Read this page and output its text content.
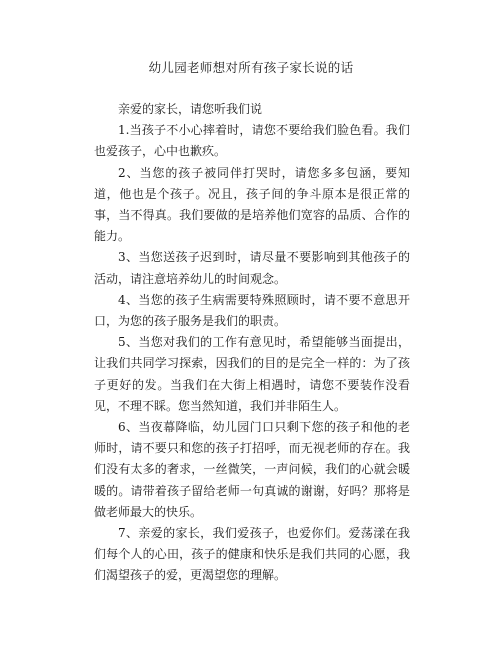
幼儿园老师想对所有孩子家长说的话

亲爱的家长，请您听我们说

1.当孩子不小心摔着时，请您不要给我们脸色看。我们也爱孩子，心中也歉疚。

2、当您的孩子被同伴打哭时，请您多多包涵，要知道，他也是个孩子。况且，孩子间的争斗原本是很正常的事，当不得真。我们要做的是培养他们宽容的品质、合作的能力。

3、当您送孩子迟到时，请尽量不要影响到其他孩子的活动，请注意培养幼儿的时间观念。

4、当您的孩子生病需要特殊照顾时，请不要不意思开口，为您的孩子服务是我们的职责。

5、当您对我们的工作有意见时，希望能够当面提出，让我们共同学习探索，因我们的目的是完全一样的：为了孩子更好的发。当我们在大街上相遇时，请您不要装作没看见，不理不睬。您当然知道，我们并非陌生人。

6、当夜幕降临，幼儿园门口只剩下您的孩子和他的老师时，请不要只和您的孩子打招呼，而无视老师的存在。我们没有太多的奢求，一丝微笑，一声问候，我们的心就会暖暖的。请带着孩子留给老师一句真诚的谢谢，好吗？那将是做老师最大的快乐。

7、亲爱的家长，我们爱孩子，也爱你们。爱荡漾在我们每个人的心田，孩子的健康和快乐是我们共同的心愿，我们渴望孩子的爱，更渴望您的理解。
